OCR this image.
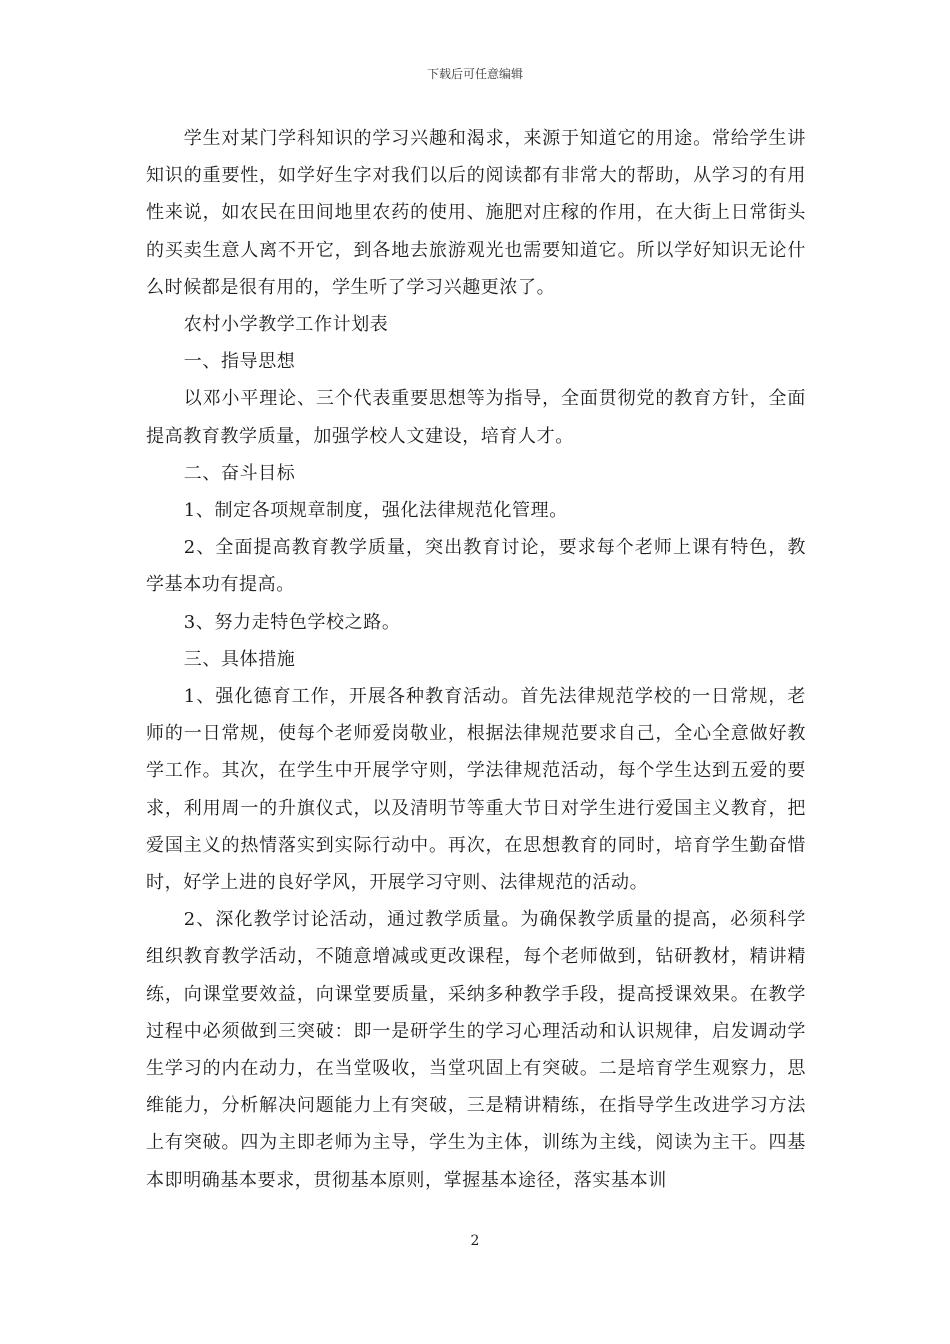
下载后可任意编辑

学生对某门学科知识的学习兴趣和渴求，来源于知道它的用途。常给学生讲知识的重要性，如学好生字对我们以后的阅读都有非常大的帮助，从学习的有用性来说，如农民在田间地里农药的使用、施肥对庄稼的作用，在大街上日常街头的买卖生意人离不开它，到各地去旅游观光也需要知道它。所以学好知识无论什么时候都是很有用的，学生听了学习兴趣更浓了。

农村小学教学工作计划表

一、指导思想

以邓小平理论、三个代表重要思想等为指导，全面贯彻党的教育方针，全面提高教育教学质量，加强学校人文建设，培育人才。

二、奋斗目标

1、制定各项规章制度，强化法律规范化管理。

2、全面提高教育教学质量，突出教育讨论，要求每个老师上课有特色，教学基本功有提高。

3、努力走特色学校之路。

三、具体措施

1、强化德育工作，开展各种教育活动。首先法律规范学校的一日常规，老师的一日常规，使每个老师爱岗敬业，根据法律规范要求自己，全心全意做好教学工作。其次，在学生中开展学守则，学法律规范活动，每个学生达到五爱的要求，利用周一的升旗仪式，以及清明节等重大节日对学生进行爱国主义教育，把爱国主义的热情落实到实际行动中。再次，在思想教育的同时，培育学生勤奋惜时，好学上进的良好学风，开展学习守则、法律规范的活动。

2、深化教学讨论活动，通过教学质量。为确保教学质量的提高，必须科学组织教育教学活动，不随意增减或更改课程，每个老师做到，钻研教材，精讲精练，向课堂要效益，向课堂要质量，采纳多种教学手段，提高授课效果。在教学过程中必须做到三突破：即一是研学生的学习心理活动和认识规律，启发调动学生学习的内在动力，在当堂吸收，当堂巩固上有突破。二是培育学生观察力，思维能力，分析解决问题能力上有突破，三是精讲精练，在指导学生改进学习方法上有突破。四为主即老师为主导，学生为主体，训练为主线，阅读为主干。四基本即明确基本要求，贯彻基本原则，掌握基本途径，落实基本训

2
